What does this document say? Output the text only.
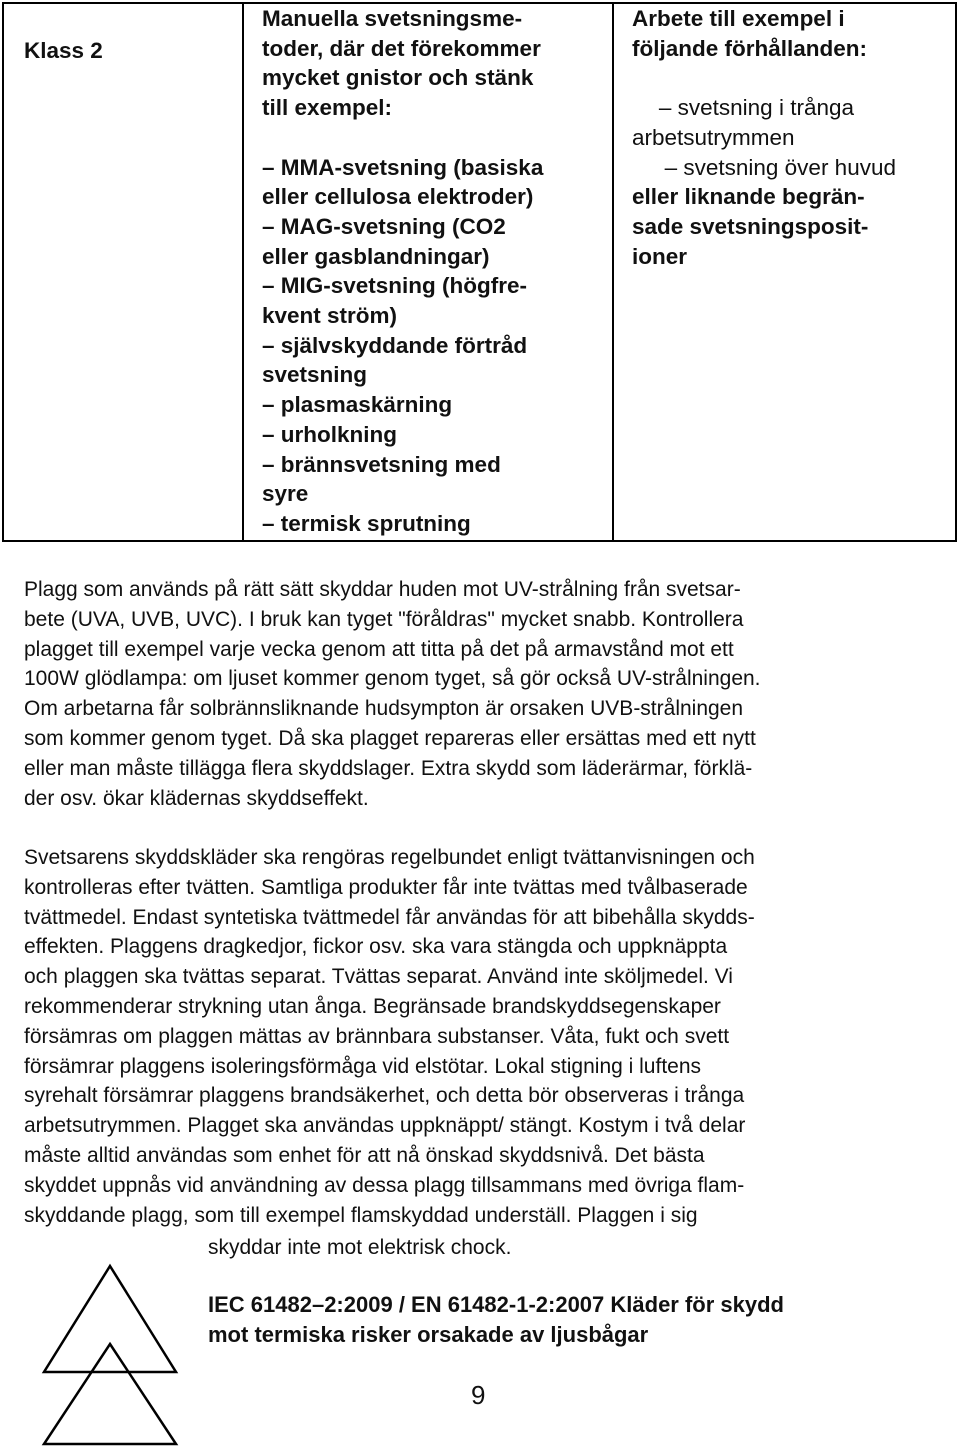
Klass 2
Manuella svetsningsme-
toder, där det förekommer
mycket gnistor och stänk
till exempel:
– MMA-svetsning (basiska
eller cellulosa elektroder)
– MAG-svetsning (CO2
eller gasblandningar)
– MIG-svetsning (högfre-
kvent ström)
– självskyddande förtråd
svetsning
– plasmaskärning
– urholkning
– brännsvetsning med
syre
– termisk sprutning
Arbete till exempel i
följande förhållanden:
– svetsning i trånga
arbetsutrymmen
– svetsning över huvud
eller liknande begrän-
sade svetsningsposit-
ioner
Plagg som används på rätt sätt skyddar huden mot UV-strålning från svetsar-
bete (UVA, UVB, UVC). I bruk kan tyget "föråldras" mycket snabb. Kontrollera
plagget till exempel varje vecka genom att titta på det på armavstånd mot ett
100W glödlampa: om ljuset kommer genom tyget, så gör också UV-strålningen.
Om arbetarna får solbrännsliknande hudsympton är orsaken UVB-strålningen
som kommer genom tyget. Då ska plagget repareras eller ersättas med ett nytt
eller man måste tillägga flera skyddslager. Extra skydd som läderärmar, förklä-
der osv. ökar klädernas skyddseffekt.
Svetsarens skyddskläder ska rengöras regelbundet enligt tvättanvisningen och
kontrolleras efter tvätten. Samtliga produkter får inte tvättas med tvålbaserade
tvättmedel. Endast syntetiska tvättmedel får användas för att bibehålla skydds-
effekten. Plaggens dragkedjor, fickor osv. ska vara stängda och uppknäppta
och plaggen ska tvättas separat. Tvättas separat. Använd inte sköljmedel. Vi
rekommenderar strykning utan ånga. Begränsade brandskyddsegenskaper
försämras om plaggen mättas av brännbara substanser. Våta, fukt och svett
försämrar plaggens isoleringsförmåga vid elstötar. Lokal stigning i luftens
syrehalt försämrar plaggens brandsäkerhet, och detta bör observeras i trånga
arbetsutrymmen. Plagget ska användas uppknäppt/ stängt. Kostym i två delar
måste alltid användas som enhet för att nå önskad skyddsnivå. Det bästa
skyddet uppnås vid användning av dessa plagg tillsammans med övriga flam-
skyddande plagg, som till exempel flamskyddad underställ. Plaggen i sig
skyddar inte mot elektrisk chock.
IEC 61482–2:2009 / EN 61482-1-2:2007 Kläder för skydd
mot termiska risker orsakade av ljusbågar
9
